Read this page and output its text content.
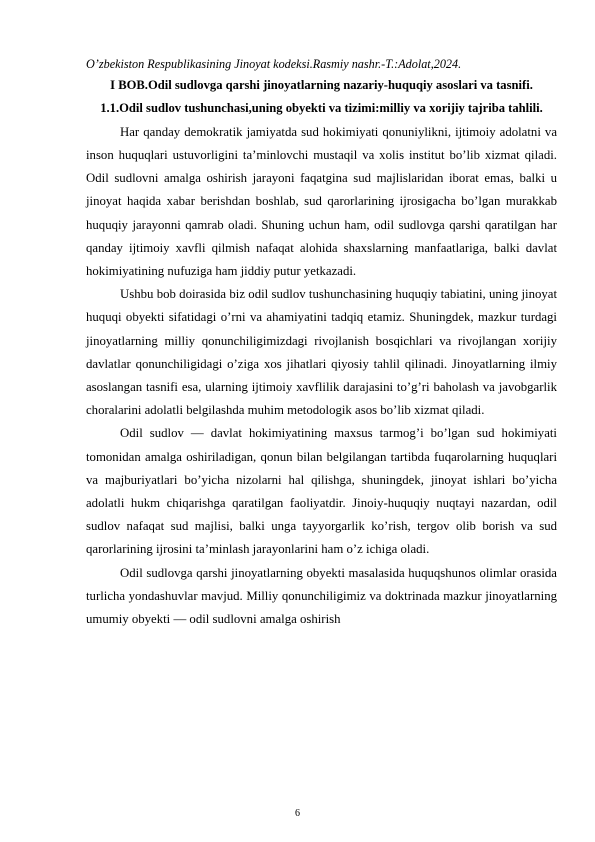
O’zbekiston Respublikasining Jinoyat kodeksi.Rasmiy nashr.-T.:Adolat,2024.

I BOB.Odil sudlovga qarshi jinoyatlarning nazariy-huquqiy asoslari va tasnifi.

1.1.Odil sudlov tushunchasi,uning obyekti va tizimi:milliy va xorijiy tajriba tahlili.

Har qanday demokratik jamiyatda sud hokimiyati qonuniylikni, ijtimoiy adolatni va inson huquqlari ustuvorligini ta’minlovchi mustaqil va xolis institut bo’lib xizmat qiladi. Odil sudlovni amalga oshirish jarayoni faqatgina sud majlislaridan iborat emas, balki u jinoyat haqida xabar berishdan boshlab, sud qarorlarining ijrosigacha bo’lgan murakkab huquqiy jarayonni qamrab oladi. Shuning uchun ham, odil sudlovga qarshi qaratilgan har qanday ijtimoiy xavfli qilmish nafaqat alohida shaxslarning manfaatlariga, balki davlat hokimiyatining nufuziga ham jiddiy putur yetkazadi.

Ushbu bob doirasida biz odil sudlov tushunchasining huquqiy tabiatini, uning jinoyat huquqi obyekti sifatidagi o’rni va ahamiyatini tadqiq etamiz. Shuningdek, mazkur turdagi jinoyatlarning milliy qonunchiligimizdagi rivojlanish bosqichlari va rivojlangan xorijiy davlatlar qonunchiligidagi o’ziga xos jihatlari qiyosiy tahlil qilinadi. Jinoyatlarning ilmiy asoslangan tasnifi esa, ularning ijtimoiy xavflilik darajasini to’g’ri baholash va javobgarlik choralarini adolatli belgilashda muhim metodologik asos bo’lib xizmat qiladi.

Odil sudlov — davlat hokimiyatining maxsus tarmog’i bo’lgan sud hokimiyati tomonidan amalga oshiriladigan, qonun bilan belgilangan tartibda fuqarolarning huquqlari va majburiyatlari bo’yicha nizolarni hal qilishga, shuningdek, jinoyat ishlari bo’yicha adolatli hukm chiqarishga qaratilgan faoliyatdir. Jinoiy-huquqiy nuqtayi nazardan, odil sudlov nafaqat sud majlisi, balki unga tayyorgarlik ko’rish, tergov olib borish va sud qarorlarining ijrosini ta’minlash jarayonlarini ham o’z ichiga oladi.

Odil sudlovga qarshi jinoyatlarning obyekti masalasida huquqshunos olimlar orasida turlicha yondashuvlar mavjud. Milliy qonunchiligimiz va doktrinada mazkur jinoyatlarning umumiy obyekti — odil sudlovni amalga oshirish

6
